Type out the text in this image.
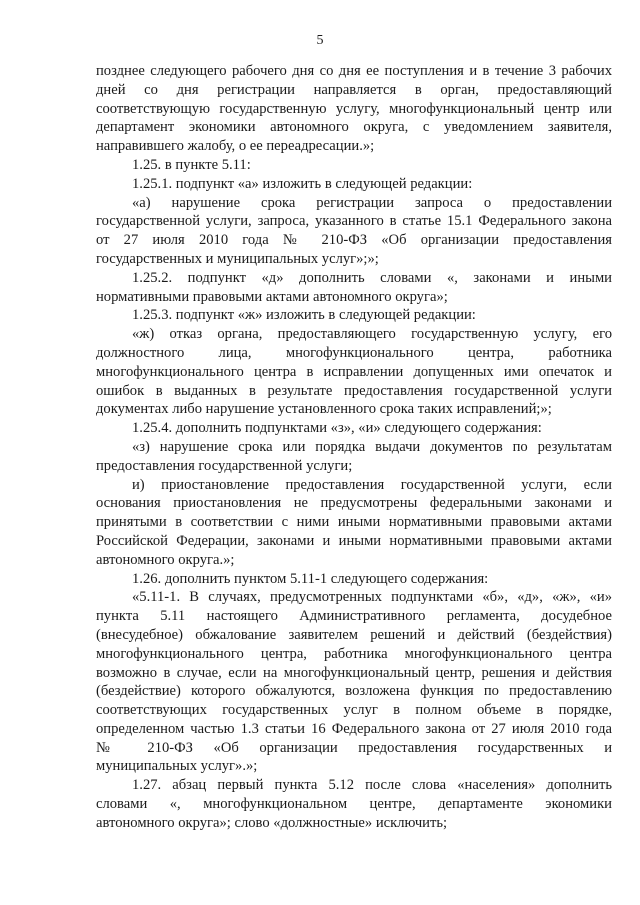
5
позднее следующего рабочего дня со дня ее поступления и в течение 3 рабочих
дней со дня регистрации направляется в орган, предоставляющий
соответствующую государственную услугу, многофункциональный центр или
департамент экономики автономного округа, с уведомлением заявителя,
направившего жалобу, о ее переадресации.»;
1.25. в пункте 5.11:
1.25.1. подпункт «а» изложить в следующей редакции:
«а) нарушение срока регистрации запроса о предоставлении
государственной услуги, запроса, указанного в статье 15.1 Федерального закона
от 27 июля 2010 года № 210-ФЗ «Об организации предоставления
государственных и муниципальных услуг»;»;
1.25.2. подпункт «д» дополнить словами «, законами и иными
нормативными правовыми актами автономного округа»;
1.25.3. подпункт «ж» изложить в следующей редакции:
«ж) отказ органа, предоставляющего государственную услугу, его
должностного лица, многофункционального центра, работника
многофункционального центра в исправлении допущенных ими опечаток и
ошибок в выданных в результате предоставления государственной услуги
документах либо нарушение установленного срока таких исправлений;»;
1.25.4. дополнить подпунктами «з», «и» следующего содержания:
«з) нарушение срока или порядка выдачи документов по результатам
предоставления государственной услуги;
и) приостановление предоставления государственной услуги, если
основания приостановления не предусмотрены федеральными законами и
принятыми в соответствии с ними иными нормативными правовыми актами
Российской Федерации, законами и иными нормативными правовыми актами
автономного округа.»;
1.26. дополнить пунктом 5.11-1 следующего содержания:
«5.11-1. В случаях, предусмотренных подпунктами «б», «д», «ж», «и»
пункта 5.11 настоящего Административного регламента, досудебное
(внесудебное) обжалование заявителем решений и действий (бездействия)
многофункционального центра, работника многофункционального центра
возможно в случае, если на многофункциональный центр, решения и действия
(бездействие) которого обжалуются, возложена функция по предоставлению
соответствующих государственных услуг в полном объеме в порядке,
определенном частью 1.3 статьи 16 Федерального закона от 27 июля 2010 года
№ 210-ФЗ «Об организации предоставления государственных и
муниципальных услуг».»;
1.27. абзац первый пункта 5.12 после слова «населения» дополнить
словами «, многофункциональном центре, департаменте экономики
автономного округа»; слово «должностные» исключить;
